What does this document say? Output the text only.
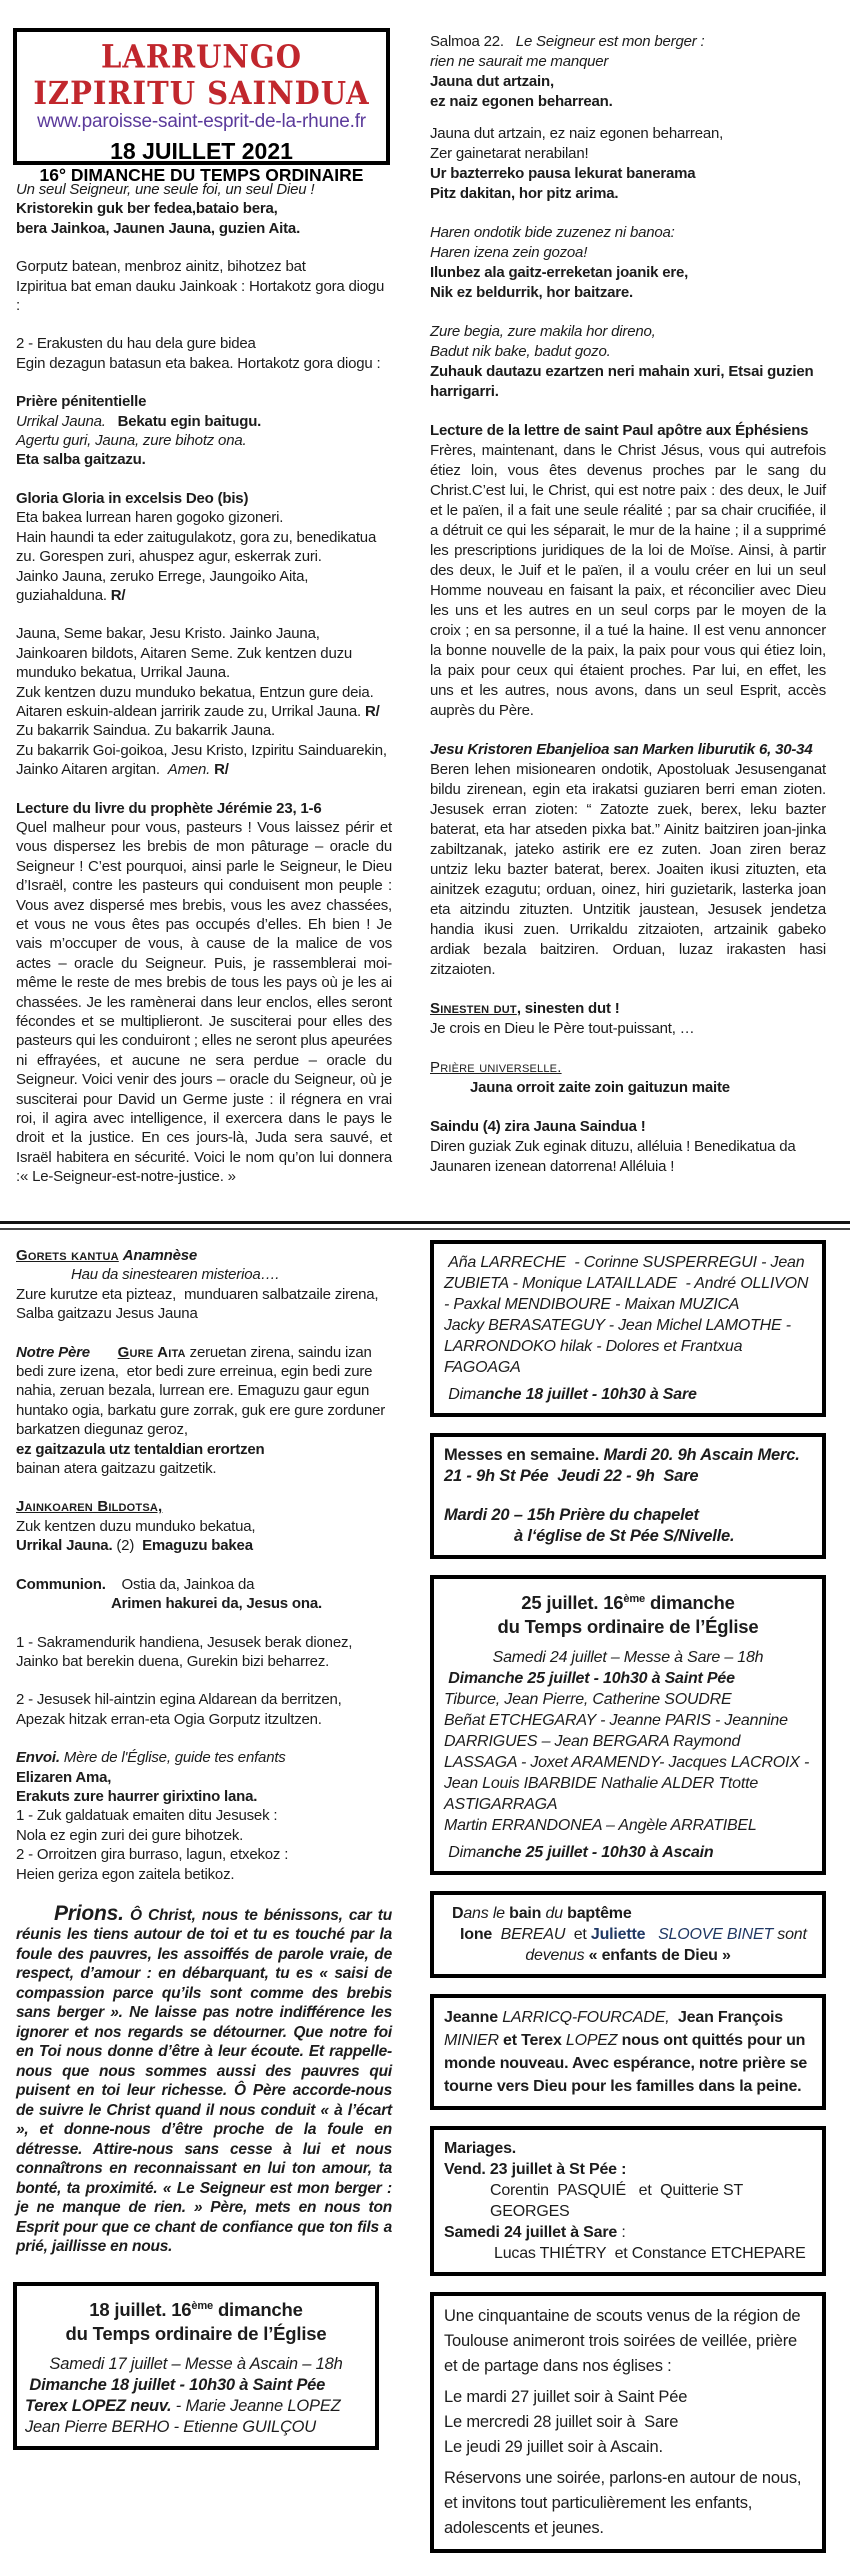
LARRUNGO IZPIRITU SAINDUA
www.paroisse-saint-esprit-de-la-rhune.fr
18 JUILLET 2021
16° DIMANCHE DU TEMPS ORDINAIRE
Un seul Seigneur, une seule foi, un seul Dieu !
Kristorekin guk ber fedea,bataio bera,
bera Jainkoa, Jaunen Jauna, guzien Aita.
Gorputz batean, menbroz ainitz, bihotzez bat
Izpiritua bat eman dauku Jainkoak : Hortakotz gora diogu :
2 - Erakusten du hau dela gure bidea
Egin dezagun batasun eta bakea. Hortakotz gora diogu :
Prière pénitentielle
Urrikal Jauna. Bekatu egin baitugu.
Agertu guri, Jauna, zure bihotz ona.
Eta salba gaitzazu.
Gloria Gloria in excelsis Deo (bis)
Eta bakea lurrean haren gogoko gizoneri.
Hain haundi ta eder zaitugulakotz, gora zu, benedikatua zu. Gorespen zuri, ahuspez agur, eskerrak zuri.
Jainko Jauna, zeruko Errege, Jaungoiko Aita, guziahalduna. R/
Jauna, Seme bakar, Jesu Kristo. Jainko Jauna, Jainkoaren bildots, Aitaren Seme. Zuk kentzen duzu munduko bekatua, Urrikal Jauna.
Zuk kentzen duzu munduko bekatua, Entzun gure deia.
Aitaren eskuin-aldean jarririk zaude zu, Urrikal Jauna. R/
Zu bakarrik Saindua. Zu bakarrik Jauna.
Zu bakarrik Goi-goikoa, Jesu Kristo, Izpiritu Sainduarekin, Jainko Aitaren argitan.  Amen. R/
Lecture du livre du prophète Jérémie 23, 1-6
Quel malheur pour vous, pasteurs ! Vous laissez périr et vous dispersez les brebis de mon pâturage – oracle du Seigneur ! C’est pourquoi, ainsi parle le Seigneur, le Dieu d’Israël, contre les pasteurs qui conduisent mon peuple : Vous avez dispersé mes brebis, vous les avez chassées, et vous ne vous êtes pas occupés d’elles. Eh bien ! Je vais m’occuper de vous, à cause de la malice de vos actes – oracle du Seigneur. Puis, je rassemblerai moi-même le reste de mes brebis de tous les pays où je les ai chassées. Je les ramènerai dans leur enclos, elles seront fécondes et se multiplieront. Je susciterai pour elles des pasteurs qui les conduiront ; elles ne seront plus apeurées ni effrayées, et aucune ne sera perdue – oracle du Seigneur. Voici venir des jours – oracle du Seigneur, où je susciterai pour David un Germe juste : il régnera en vrai roi, il agira avec intelligence, il exercera dans le pays le droit et la justice. En ces jours-là, Juda sera sauvé, et Israël habitera en sécurité. Voici le nom qu’on lui donnera :« Le-Seigneur-est-notre-justice. »
Gorets kantua Anamnèse
Hau da sinestearen misterioa….
Zure kurutze eta pizteaz,  munduaren salbatzaile zirena, Salba gaitzazu Jesus Jauna
Notre Père Gure Aita zeruetan zirena, saindu izan bedi zure izena,  etor bedi zure erreinua, egin bedi zure nahia, zeruan bezala, lurrean ere. Emaguzu gaur egun huntako ogia, barkatu gure zorrak, guk ere gure zorduner barkatzen diegunaz geroz,
ez gaitzazula utz tentaldian erortzen
bainan atera gaitzazu gaitzetik.
Jainkoaren Bildotsa,
Zuk kentzen duzu munduko bekatua,
Urrikal Jauna. (2)  Emaguzu bakea
Communion.    Ostia da, Jainkoa da
Arimen hakurei da, Jesus ona.
1 - Sakramendurik handiena, Jesusek berak dionez,
Jainko bat berekin duena, Gurekin bizi beharrez.
2 - Jesusek hil-aintzin egina Aldarean da berritzen,
Apezak hitzak erran-eta Ogia Gorputz itzultzen.
Envoi. Mère de l'Église, guide tes enfants
Elizaren Ama,
Erakuts zure haurrer girixtino lana.
1 - Zuk galdatuak emaiten ditu Jesusek :
Nola ez egin zuri dei gure bihotzek.
2 - Orroitzen gira burraso, lagun, etxekoz :
Heien geriza egon zaitela betikoz.
Prions. Ô Christ, nous te bénissons, car tu réunis les tiens autour de toi et tu es touché par la foule des pauvres, les assoiffés de parole vraie, de respect, d’amour : en débarquant, tu es « saisi de compassion parce qu’ils sont comme des brebis sans berger ». Ne laisse pas notre indifférence les ignorer et nos regards se détourner. Que notre foi en Toi nous donne d’être à leur écoute. Et rappelle-nous que nous sommes aussi des pauvres qui puisent en toi leur richesse. Ô Père accorde-nous de suivre le Christ quand il nous conduit « à l’écart », et donne-nous d’être proche de la foule en détresse. Attire-nous sans cesse à lui et nous connaîtrons en reconnaissant en lui ton amour, ta bonté, ta proximité. « Le Seigneur est mon berger : je ne manque de rien. » Père, mets en nous ton Esprit pour que ce chant de confiance que ton fils a prié, jaillisse en nous.
18 juillet. 16ème dimanche
du Temps ordinaire de l’Église
Samedi 17 juillet – Messe à Ascain – 18h
Dimanche 18 juillet - 10h30 à Saint Pée
Terex LOPEZ neuv. - Marie Jeanne LOPEZ
Jean Pierre BERHO - Etienne GUILÇOU
Salmoa 22. Le Seigneur est mon berger :
rien ne saurait me manquer
Jauna dut artzain,
ez naiz egonen beharrean.
Jauna dut artzain, ez naiz egonen beharrean,
Zer gainetarat nerabilan!
Ur bazterreko pausa lekurat banerama
Pitz dakitan, hor pitz arima.
Haren ondotik bide zuzenez ni banoa:
Haren izena zein gozoa!
Ilunbez ala gaitz-erreketan joanik ere,
Nik ez beldurrik, hor baitzare.
Zure begia, zure makila hor direno,
Badut nik bake, badut gozo.
Zuhauk dautazu ezartzen neri mahain xuri, Etsai guzien harrigarri.
Lecture de la lettre de saint Paul apôtre aux Éphésiens
Frères, maintenant, dans le Christ Jésus, vous qui autrefois étiez loin, vous êtes devenus proches par le sang du Christ.C’est lui, le Christ, qui est notre paix : des deux, le Juif et le païen, il a fait une seule réalité ; par sa chair crucifiée, il a détruit ce qui les séparait, le mur de la haine ; il a supprimé les prescriptions juridiques de la loi de Moïse. Ainsi, à partir des deux, le Juif et le païen, il a voulu créer en lui un seul Homme nouveau en faisant la paix, et réconcilier avec Dieu les uns et les autres en un seul corps par le moyen de la croix ; en sa personne, il a tué la haine. Il est venu annoncer la bonne nouvelle de la paix, la paix pour vous qui étiez loin, la paix pour ceux qui étaient proches. Par lui, en effet, les uns et les autres, nous avons, dans un seul Esprit, accès auprès du Père.
Jesu Kristoren Ebanjelioa san Marken liburutik 6, 30-34
Beren lehen misionearen ondotik, Apostoluak Jesusenganat bildu zirenean, egin eta irakatsi guziaren berri eman zioten. Jesusek erran zioten: “ Zatozte zuek, berex, leku bazter baterat, eta har atseden pixka bat.” Ainitz baitziren joan-jinka zabiltzanak, jateko astirik ere ez zuten. Joan ziren beraz untziz leku bazter baterat, berex. Joaiten ikusi zituzten, eta ainitzek ezagutu; orduan, oinez, hiri guzietarik, lasterka joan eta aitzindu zituzten. Untzitik jaustean, Jesusek jendetza handia ikusi zuen. Urrikaldu zitzaioten, artzainik gabeko ardiak bezala baitziren. Orduan, luzaz irakasten hasi zitzaioten.
Sinesten dut, sinesten dut !
Je crois en Dieu le Père tout-puissant, …
Prière universelle.
Jauna orroit zaite zoin gaituzun maite
Saindu (4) zira Jauna Saindua !
Diren guziak Zuk eginak dituzu, alléluia ! Benedikatua da Jaunaren izenean datorrena! Alléluia !
Aña LARRECHE  - Corinne SUSPERREGUI - Jean ZUBIETA - Monique LATAILLADE  - André OLLIVON - Paxkal MENDIBOURE - Maixan MUZICA
Jacky BERASATEGUY - Jean Michel LAMOTHE - LARRONDOKO hilak - Dolores et Frantxua FAGOAGA
Dimanche 18 juillet - 10h30 à Sare
Messes en semaine. Mardi 20. 9h Ascain Merc. 21 - 9h St Pée  Jeudi 22 - 9h  Sare
Mardi 20 – 15h Prière du chapelet
à l‘église de St Pée S/Nivelle.
25 juillet. 16ème dimanche
du Temps ordinaire de l’Église
Samedi 24 juillet – Messe à Sare – 18h
Dimanche 25 juillet - 10h30 à Saint Pée
Tiburce, Jean Pierre, Catherine SOUDRE
Beñat ETCHEGARAY - Jeanne PARIS - Jeannine DARRIGUES – Jean BERGARA Raymond LASSAGA - Joxet ARAMENDY- Jacques LACROIX -  Jean Louis IBARBIDE Nathalie ALDER Ttotte ASTIGARRAGA
Martin ERRANDONEA – Angèle ARRATIBEL
Dimanche 25 juillet - 10h30 à Ascain
Dans le bain du baptême
Ione BEREAU  et Juliette SLOOVE BINET sont
devenus « enfants de Dieu »
Jeanne LARRICQ-FOURCADE, Jean François MINIER et Terex LOPEZ nous ont quittés pour un monde nouveau. Avec espérance, notre prière se tourne vers Dieu pour les familles dans la peine.
Mariages.
Vend. 23 juillet à St Pée :
Corentin  PASQUIÉ   et  Quitterie ST GEORGES
Samedi 24 juillet à Sare :
Lucas THIÉTRY  et Constance ETCHEPARE
Une cinquantaine de scouts venus de la région de Toulouse animeront trois soirées de veillée, prière et de partage dans nos églises :
Le mardi 27 juillet soir à Saint Pée
Le mercredi 28 juillet soir à  Sare
Le jeudi 29 juillet soir à Ascain.
Réservons une soirée, parlons-en autour de nous, et invitons tout particulièrement les enfants, adolescents et jeunes.
